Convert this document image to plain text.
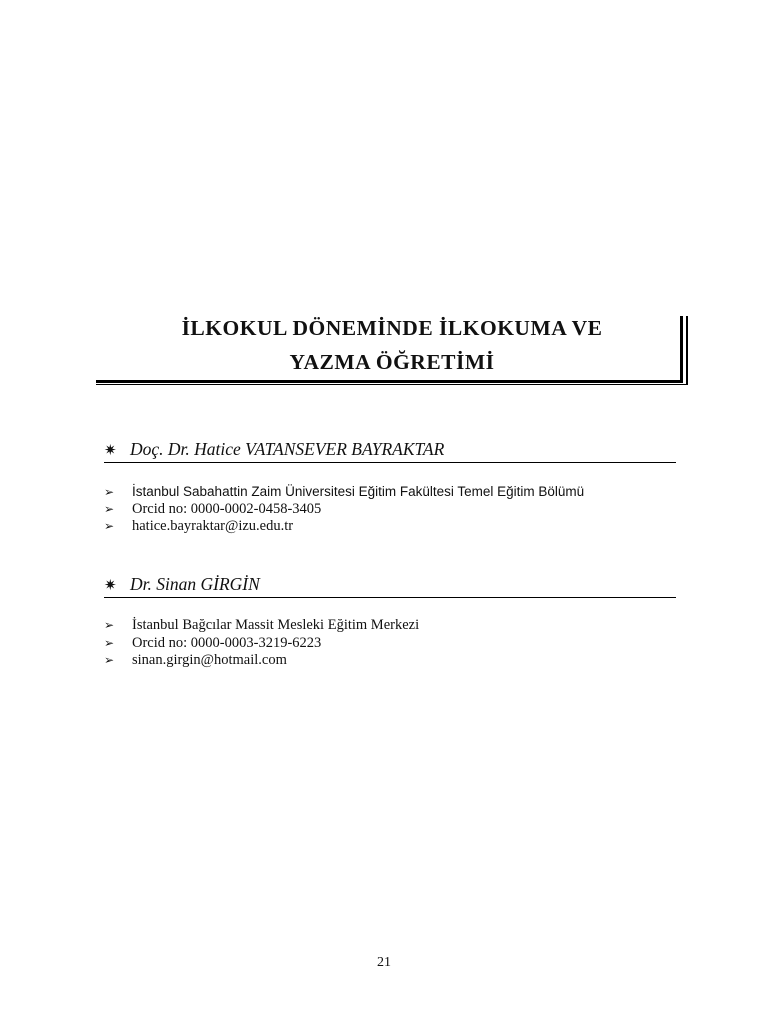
İLKOKUL DÖNEMİNDE İLKOKUMA VE
YAZMA ÖĞRETİMİ
✷ Doç. Dr. Hatice VATANSEVER BAYRAKTAR
➢ İstanbul Sabahattin Zaim Üniversitesi Eğitim Fakültesi Temel Eğitim Bölümü
➢ Orcid no: 0000-0002-0458-3405
➢ hatice.bayraktar@izu.edu.tr
✷ Dr. Sinan GİRGİN
➢ İstanbul Bağcılar Massit Mesleki Eğitim Merkezi
➢ Orcid no: 0000-0003-3219-6223
➢ sinan.girgin@hotmail.com
21
